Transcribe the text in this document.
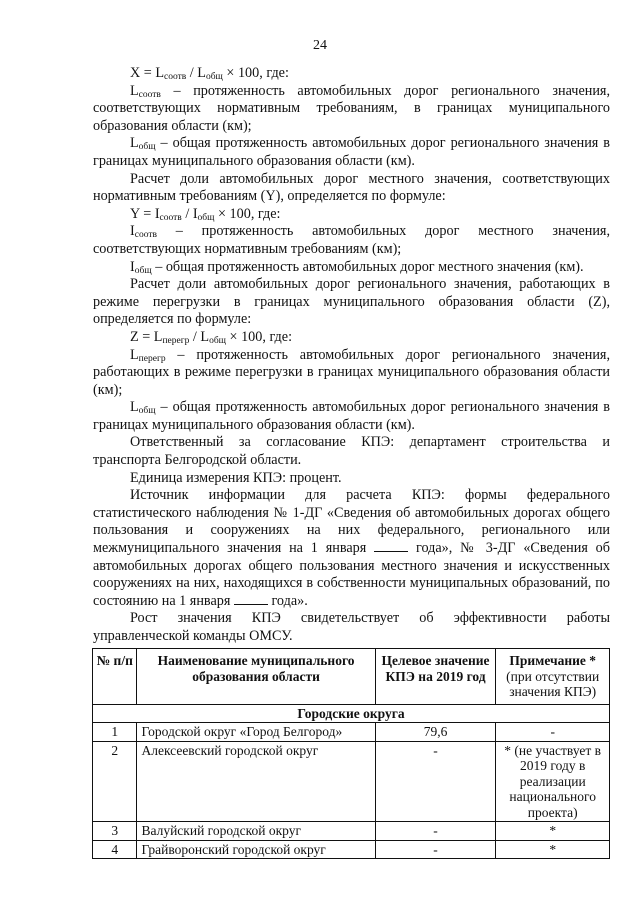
24

$X = L_{соотв} / L_{общ} \times 100$, где:

$L_{соотв}$ – протяженность автомобильных дорог регионального значения, соответствующих нормативным требованиям, в границах муниципального образования области (км);

$L_{общ}$ – общая протяженность автомобильных дорог регионального значения в границах муниципального образования области (км).

Расчет доли автомобильных дорог местного значения, соответствующих нормативным требованиям (Y), определяется по формуле:

$Y = I_{соотв} / I_{общ} \times 100$, где:

$I_{соотв}$ – протяженность автомобильных дорог местного значения, соответствующих нормативным требованиям (км);

$I_{общ}$ – общая протяженность автомобильных дорог местного значения (км).

Расчет доли автомобильных дорог регионального значения, работающих в режиме перегрузки в границах муниципального образования области (Z), определяется по формуле:

$Z = L_{перегр} / L_{общ} \times 100$, где:

$L_{перегр}$ – протяженность автомобильных дорог регионального значения, работающих в режиме перегрузки в границах муниципального образования области (км);

$L_{общ}$ – общая протяженность автомобильных дорог регионального значения в границах муниципального образования области (км).

Ответственный за согласование КПЭ: департамент строительства и транспорта Белгородской области.

Единица измерения КПЭ: процент.

Источник информации для расчета КПЭ: формы федерального статистического наблюдения № 1-ДГ «Сведения об автомобильных дорогах общего пользования и сооружениях на них федерального, регионального или межмуниципального значения на 1 января	года», № 3-ДГ «Сведения об автомобильных дорогах общего пользования местного значения и искусственных сооружениях на них, находящихся в собственности муниципальных образований, по состоянию на 1 января	года».

Рост значения КПЭ свидетельствует об эффективности работы управленческой команды ОМСУ.

№ п/п	Наименование муниципального образования области	Целевое значение КПЭ на 2019 год	Примечание *
(при отсутствии значения КПЭ)
Городские округа			
1	Городской округ «Город Белгород»	79,6	-
2	Алексеевский городской округ	-	* (не участвует в 2019 году в реализации национального проекта)
3	Валуйский городской округ	-	*
4	Грайворонский городской округ	-	*
